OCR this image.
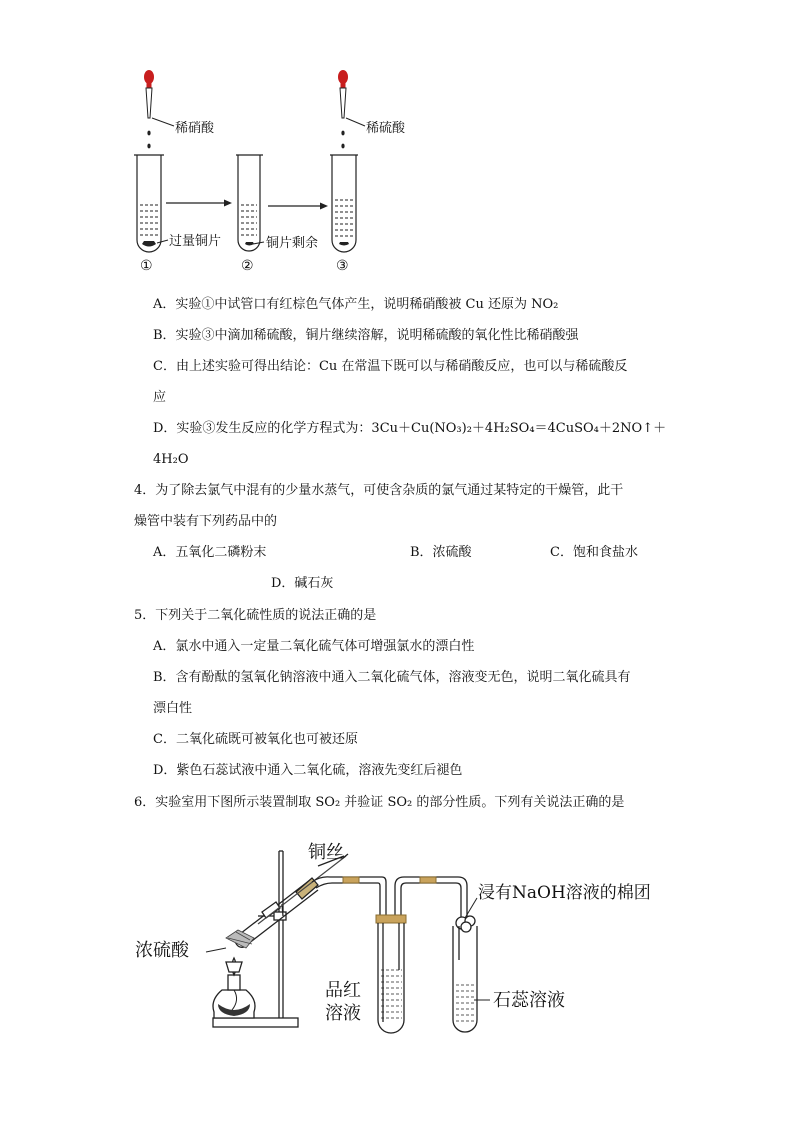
稀硝酸	稀硫酸
过量铜片	铜片剩余
①	②	③
A．实验①中试管口有红棕色气体产生，说明稀硝酸被 Cu 还原为 NO₂
B．实验③中滴加稀硫酸，铜片继续溶解，说明稀硫酸的氧化性比稀硝酸强
C．由上述实验可得出结论：Cu 在常温下既可以与稀硝酸反应，也可以与稀硫酸反
应
D．实验③发生反应的化学方程式为：3Cu＋Cu(NO₃)₂＋4H₂SO₄＝4CuSO₄＋2NO↑＋
4H₂O
4．为了除去氯气中混有的少量水蒸气，可使含杂质的氯气通过某特定的干燥管，此干
燥管中装有下列药品中的
A．五氧化二磷粉末	B．浓硫酸	C．饱和食盐水
D．碱石灰
5．下列关于二氧化硫性质的说法正确的是
A．氯水中通入一定量二氧化硫气体可增强氯水的漂白性
B．含有酚酞的氢氧化钠溶液中通入二氧化硫气体，溶液变无色，说明二氧化硫具有
漂白性
C．二氧化硫既可被氧化也可被还原
D．紫色石蕊试液中通入二氧化硫，溶液先变红后褪色
6．实验室用下图所示装置制取 SO₂ 并验证 SO₂ 的部分性质。下列有关说法正确的是
铜丝
浓硫酸
浸有NaOH溶液的棉团
品红
溶液
石蕊溶液
